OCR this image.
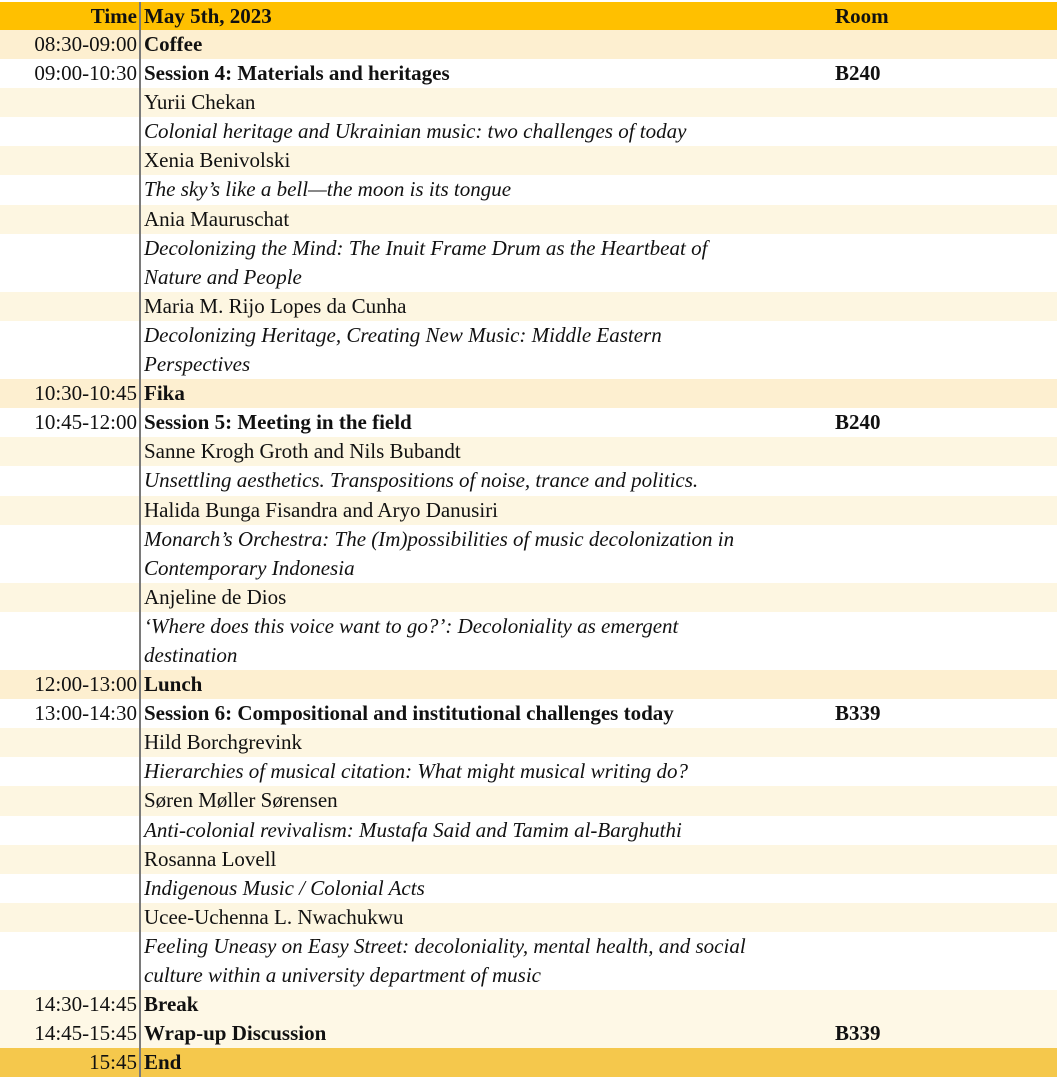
Time May 5th, 2023	Room
08:30-09:00 Coffee
09:00-10:30 Session 4: Materials and heritages	B240
Yurii Chekan
Colonial heritage and Ukrainian music: two challenges of today
Xenia Benivolski
The sky’s like a bell—the moon is its tongue
Ania Mauruschat
Decolonizing the Mind: The Inuit Frame Drum as the Heartbeat of
Nature and People
Maria M. Rijo Lopes da Cunha
Decolonizing Heritage, Creating New Music: Middle Eastern
Perspectives
10:30-10:45 Fika
10:45-12:00 Session 5: Meeting in the field	B240
Sanne Krogh Groth and Nils Bubandt
Unsettling aesthetics. Transpositions of noise, trance and politics.
Halida Bunga Fisandra and Aryo Danusiri
Monarch’s Orchestra: The (Im)possibilities of music decolonization in
Contemporary Indonesia
Anjeline de Dios
‘Where does this voice want to go?’: Decoloniality as emergent
destination
12:00-13:00 Lunch
13:00-14:30 Session 6: Compositional and institutional challenges today	B339
Hild Borchgrevink
Hierarchies of musical citation: What might musical writing do?
Søren Møller Sørensen
Anti-colonial revivalism: Mustafa Said and Tamim al-Barghuthi
Rosanna Lovell
Indigenous Music / Colonial Acts
Ucee-Uchenna L. Nwachukwu
Feeling Uneasy on Easy Street: decoloniality, mental health, and social
culture within a university department of music
14:30-14:45 Break
14:45-15:45 Wrap-up Discussion	B339
15:45 End
